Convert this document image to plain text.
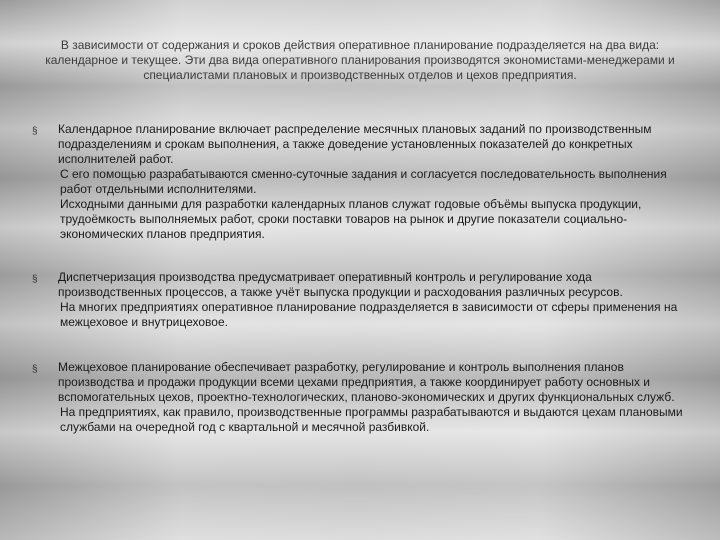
В зависимости от содержания и сроков действия оперативное планирование подразделяется на два вида: календарное и текущее. Эти два вида оперативного планирования производятся экономистами-менеджерами и специалистами плановых и производственных отделов и цехов предприятия.
§ Календарное планирование включает распределение месячных плановых заданий по производственным подразделениям и срокам выполнения, а также доведение установленных показателей до конкретных исполнителей работ.

С его помощью разрабатываются сменно-суточные задания и согласуется последовательность выполнения работ отдельными исполнителями.

Исходными данными для разработки календарных планов служат годовые объёмы выпуска продукции, трудоёмкость выполняемых работ, сроки поставки товаров на рынок и другие показатели социально-экономических планов предприятия.

§ Диспетчеризация производства предусматривает оперативный контроль и регулирование хода производственных процессов, а также учёт выпуска продукции и расходования различных ресурсов.

На многих предприятиях оперативное планирование подразделяется в зависимости от сферы применения на межцеховое и внутрицеховое.

§ Межцеховое планирование обеспечивает разработку, регулирование и контроль выполнения планов производства и продажи продукции всеми цехами предприятия, а также координирует работу основных и вспомогательных цехов, проектно-технологических, планово-экономических и других функциональных служб.

На предприятиях, как правило, производственные программы разрабатываются и выдаются цехам плановыми службами на очередной год с квартальной и месячной разбивкой.
